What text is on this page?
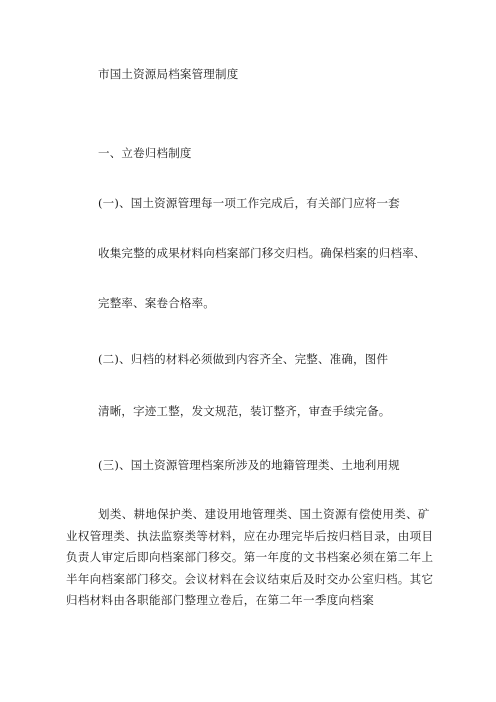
市国土资源局档案管理制度
一、立卷归档制度
(一)、国土资源管理每一项工作完成后，有关部门应将一套
收集完整的成果材料向档案部门移交归档。确保档案的归档率、
完整率、案卷合格率。
(二)、归档的材料必须做到内容齐全、完整、准确，图件
清晰，字迹工整，发文规范，装订整齐，审查手续完备。
(三)、国土资源管理档案所涉及的地籍管理类、土地利用规
划类、耕地保护类、建设用地管理类、国土资源有偿使用类、矿业权管理类、执法监察类等材料，应在办理完毕后按归档目录，由项目负责人审定后即向档案部门移交。第一年度的文书档案必须在第二年上半年向档案部门移交。会议材料在会议结束后及时交办公室归档。其它归档材料由各职能部门整理立卷后，在第二年一季度向档案
